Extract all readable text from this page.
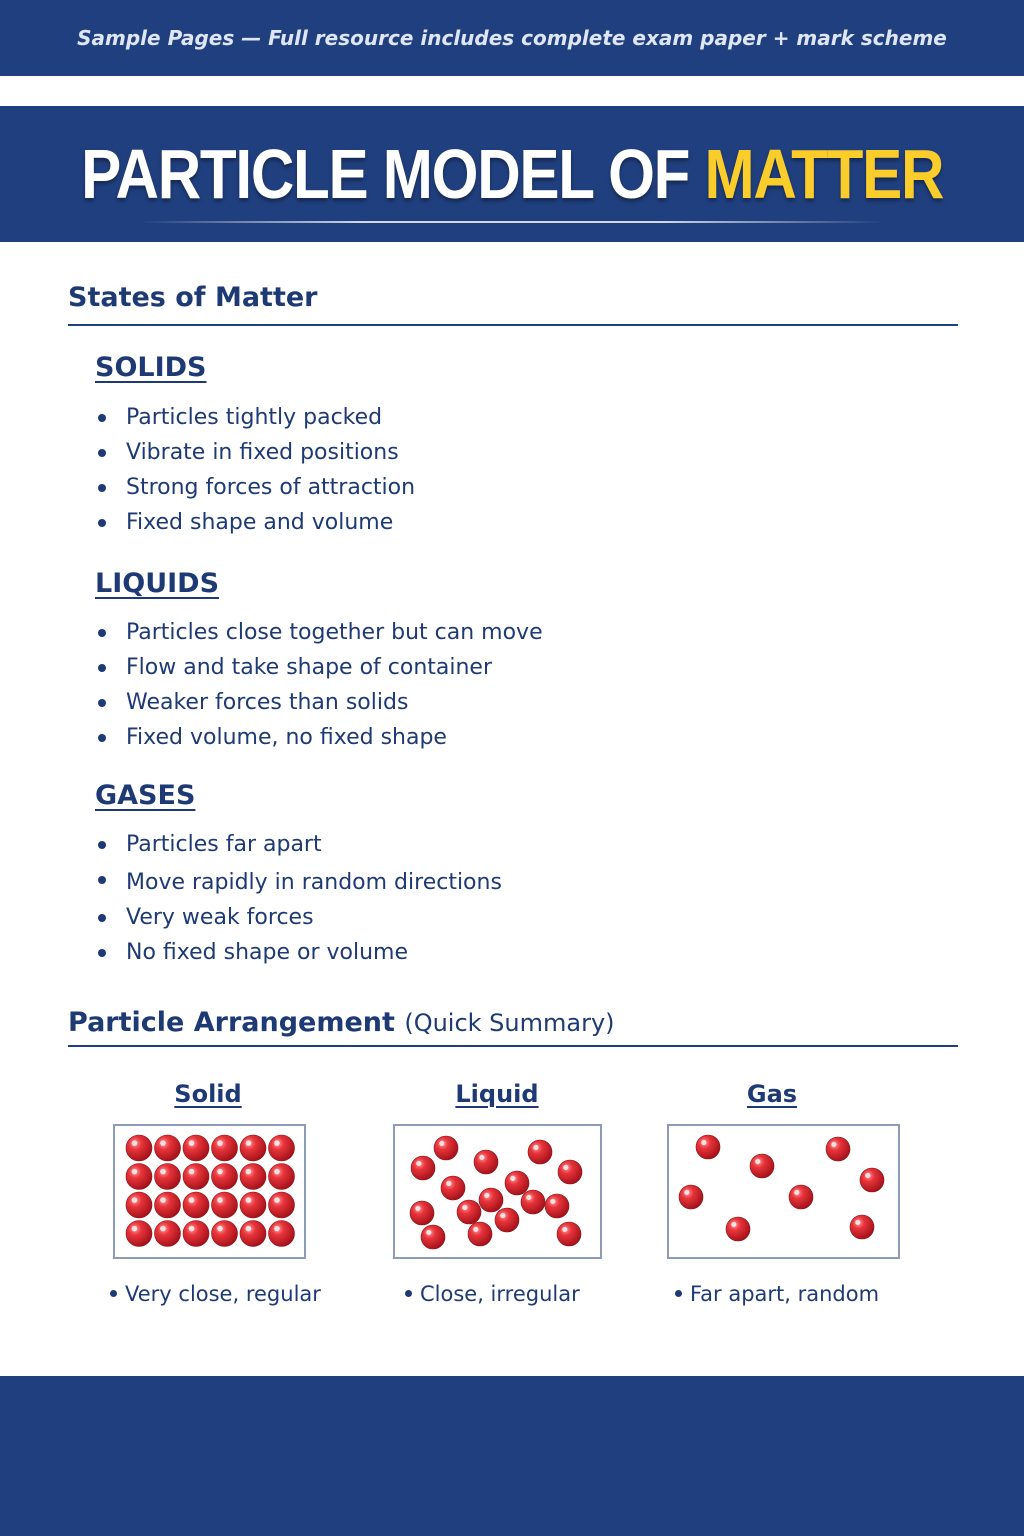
Sample Pages — Full resource includes complete exam paper + mark scheme
PARTICLE MODEL OF MATTER
States of Matter
SOLIDS
Particles tightly packed
Vibrate in fixed positions
Strong forces of attraction
Fixed shape and volume
LIQUIDS
Particles close together but can move
Flow and take shape of container
Weaker forces than solids
Fixed volume, no fixed shape
GASES
Particles far apart
Move rapidly in random directions
Very weak forces
No fixed shape or volume
Particle Arrangement (Quick Summary)
Solid
Very close, regular
Liquid
Close, irregular
Gas
Far apart, random
